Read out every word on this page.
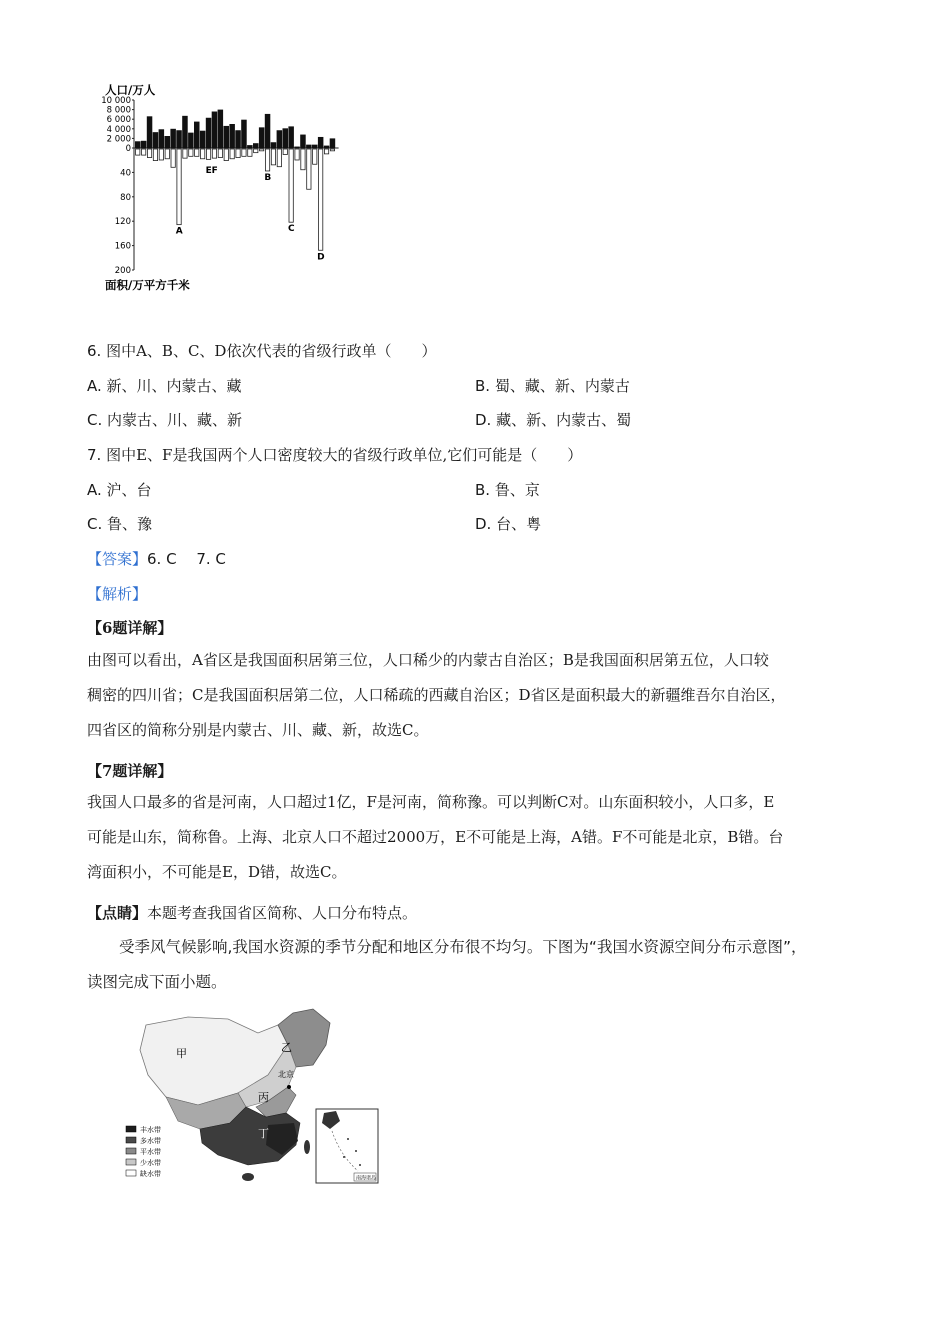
人口/万人
10 000
8 000
6 000
4 000
2 000
0
40
80
120
160
200
A
E F
B
C
D
面积/万平方千米
6. 图中A、B、C、D依次代表的省级行政单（　　）
A. 新、川、内蒙古、藏	B. 蜀、藏、新、内蒙古
C. 内蒙古、川、藏、新	D. 藏、新、内蒙古、蜀
7. 图中E、F是我国两个人口密度较大的省级行政单位,它们可能是（　　）
A. 沪、台	B. 鲁、京
C. 鲁、豫	D. 台、粤
【答案】6. C　 7. C
【解析】
【6题详解】
由图可以看出，A省区是我国面积居第三位，人口稀少的内蒙古自治区；B是我国面积居第五位，人口较
稠密的四川省；C是我国面积居第二位，人口稀疏的西藏自治区；D省区是面积最大的新疆维吾尔自治区，
四省区的简称分别是内蒙古、川、藏、新，故选C。
【7题详解】
我国人口最多的省是河南，人口超过1亿，F是河南，简称豫。可以判断C对。山东面积较小，人口多，E
可能是山东，简称鲁。上海、北京人口不超过2000万，E不可能是上海，A错。F不可能是北京，B错。台
湾面积小，不可能是E，D错，故选C。
【点睛】本题考查我国省区简称、人口分布特点。
受季风气候影响,我国水资源的季节分配和地区分布很不均匀。下图为“我国水资源空间分布示意图”，
读图完成下面小题。
甲	乙
丙
丁
北京
丰水带
多水带
平水带
少水带
缺水带
南海诸岛
